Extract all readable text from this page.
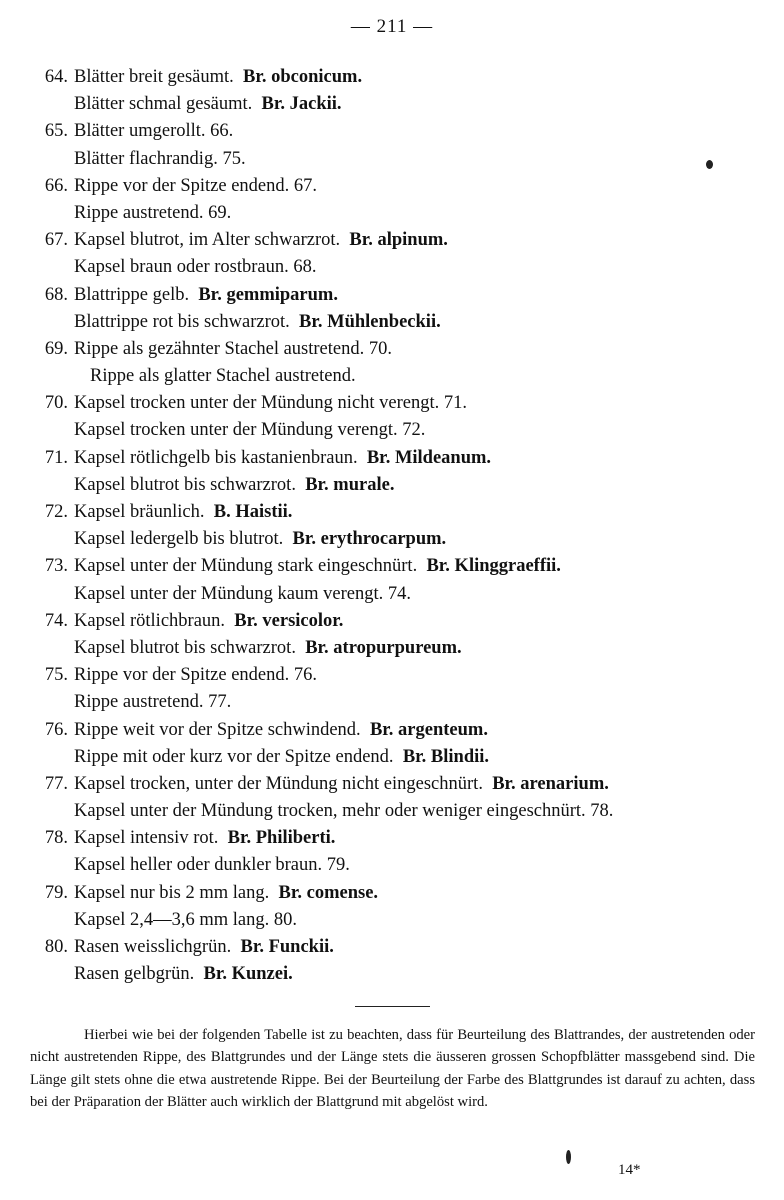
— 211 —
64. Blätter breit gesäumt.  Br. obconicum.
Blätter schmal gesäumt.  Br. Jackii.
65. Blätter umgerollt. 66.
Blätter flachrandig. 75.
66. Rippe vor der Spitze endend. 67.
Rippe austretend. 69.
67. Kapsel blutrot, im Alter schwarzrot.  Br. alpinum.
Kapsel braun oder rostbraun. 68.
68. Blattrippe gelb.  Br. gemmiparum.
Blattrippe rot bis schwarzrot.  Br. Mühlenbeckii.
69. Rippe als gezähnter Stachel austretend. 70.
Rippe als glatter Stachel austretend.
70. Kapsel trocken unter der Mündung nicht verengt. 71.
Kapsel trocken unter der Mündung verengt. 72.
71. Kapsel rötlichgelb bis kastanienbraun.  Br. Mildeanum.
Kapsel blutrot bis schwarzrot.  Br. murale.
72. Kapsel bräunlich.  B. Haistii.
Kapsel ledergelb bis blutrot.  Br. erythrocarpum.
73. Kapsel unter der Mündung stark eingeschnürt.  Br. Klinggraeffii.
Kapsel unter der Mündung kaum verengt. 74.
74. Kapsel rötlichbraun.  Br. versicolor.
Kapsel blutrot bis schwarzrot.  Br. atropurpureum.
75. Rippe vor der Spitze endend. 76.
Rippe austretend. 77.
76. Rippe weit vor der Spitze schwindend.  Br. argenteum.
Rippe mit oder kurz vor der Spitze endend.  Br. Blindii.
77. Kapsel trocken, unter der Mündung nicht eingeschnürt.  Br. arenarium.
Kapsel unter der Mündung trocken, mehr oder weniger eingeschnürt. 78.
78. Kapsel intensiv rot.  Br. Philiberti.
Kapsel heller oder dunkler braun. 79.
79. Kapsel nur bis 2 mm lang.  Br. comense.
Kapsel 2,4—3,6 mm lang. 80.
80. Rasen weisslichgrün.  Br. Funckii.
Rasen gelbgrün.  Br. Kunzei.
Hierbei wie bei der folgenden Tabelle ist zu beachten, dass für Beurteilung des Blattrandes, der austretenden oder nicht austretenden Rippe, des Blattgrundes und der Länge stets die äusseren grossen Schopfblätter massgebend sind. Die Länge gilt stets ohne die etwa austretende Rippe. Bei der Beurteilung der Farbe des Blattgrundes ist darauf zu achten, dass bei der Präparation der Blätter auch wirklich der Blattgrund mit abgelöst wird.
14*
